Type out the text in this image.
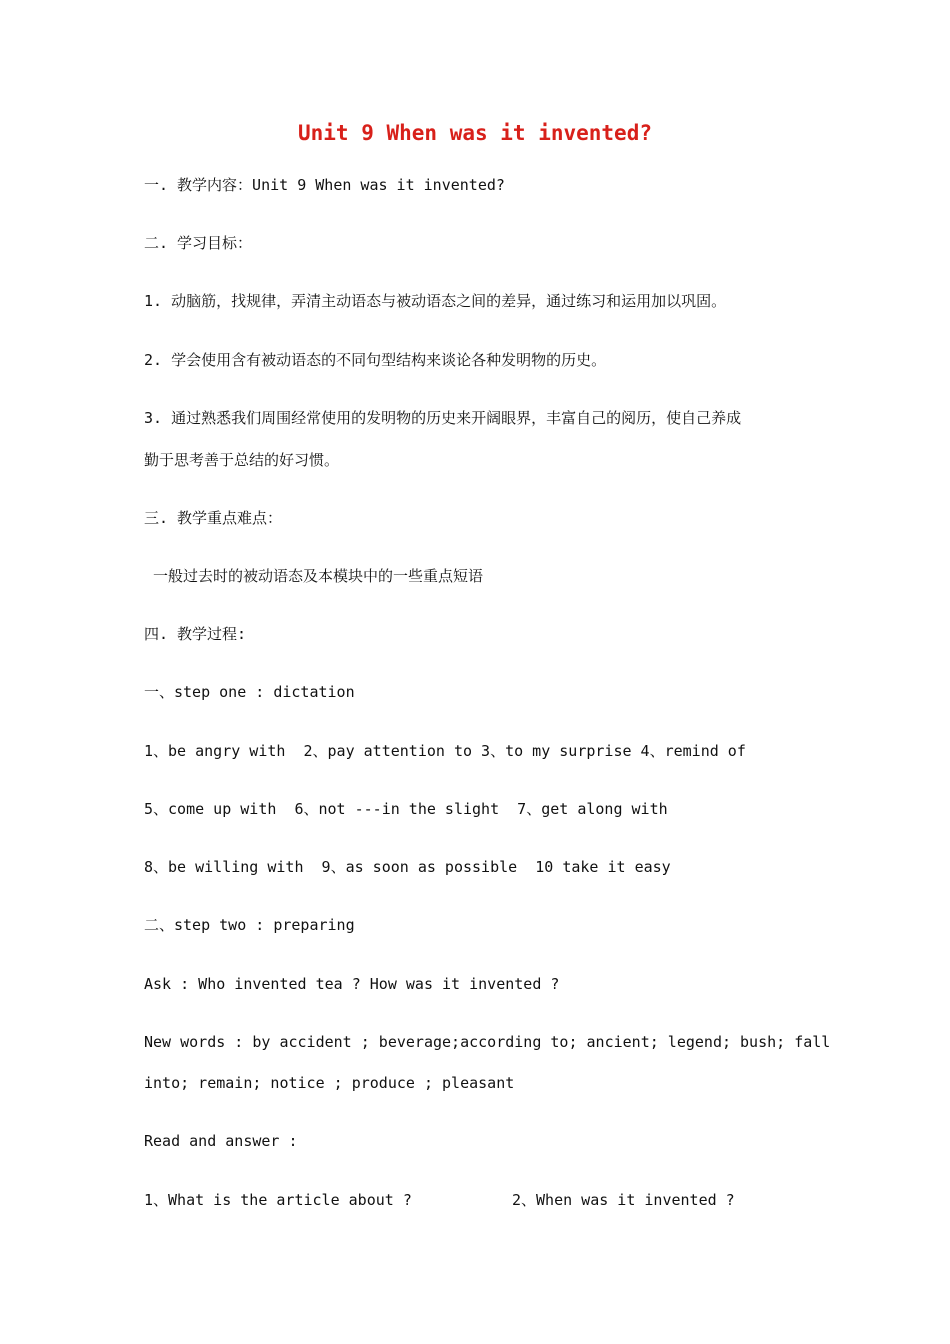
Unit 9 When was it invented?
一. 教学内容：Unit 9 When was it invented?
二. 学习目标：
1. 动脑筋，找规律，弄清主动语态与被动语态之间的差异，通过练习和运用加以巩固。
2. 学会使用含有被动语态的不同句型结构来谈论各种发明物的历史。
3. 通过熟悉我们周围经常使用的发明物的历史来开阔眼界，丰富自己的阅历，使自己养成
勤于思考善于总结的好习惯。
三. 教学重点难点：
一般过去时的被动语态及本模块中的一些重点短语
四. 教学过程:
一、step one : dictation
1、be angry with  2、pay attention to 3、to my surprise 4、remind of
5、come up with  6、not ---in the slight  7、get along with
8、be willing with  9、as soon as possible  10 take it easy
二、step two : preparing
Ask : Who invented tea ? How was it invented ?
New words : by accident ; beverage;according to; ancient; legend; bush; fall
into; remain; notice ; produce ; pleasant
Read and answer :
1、What is the article about ?	2、When was it invented ?
